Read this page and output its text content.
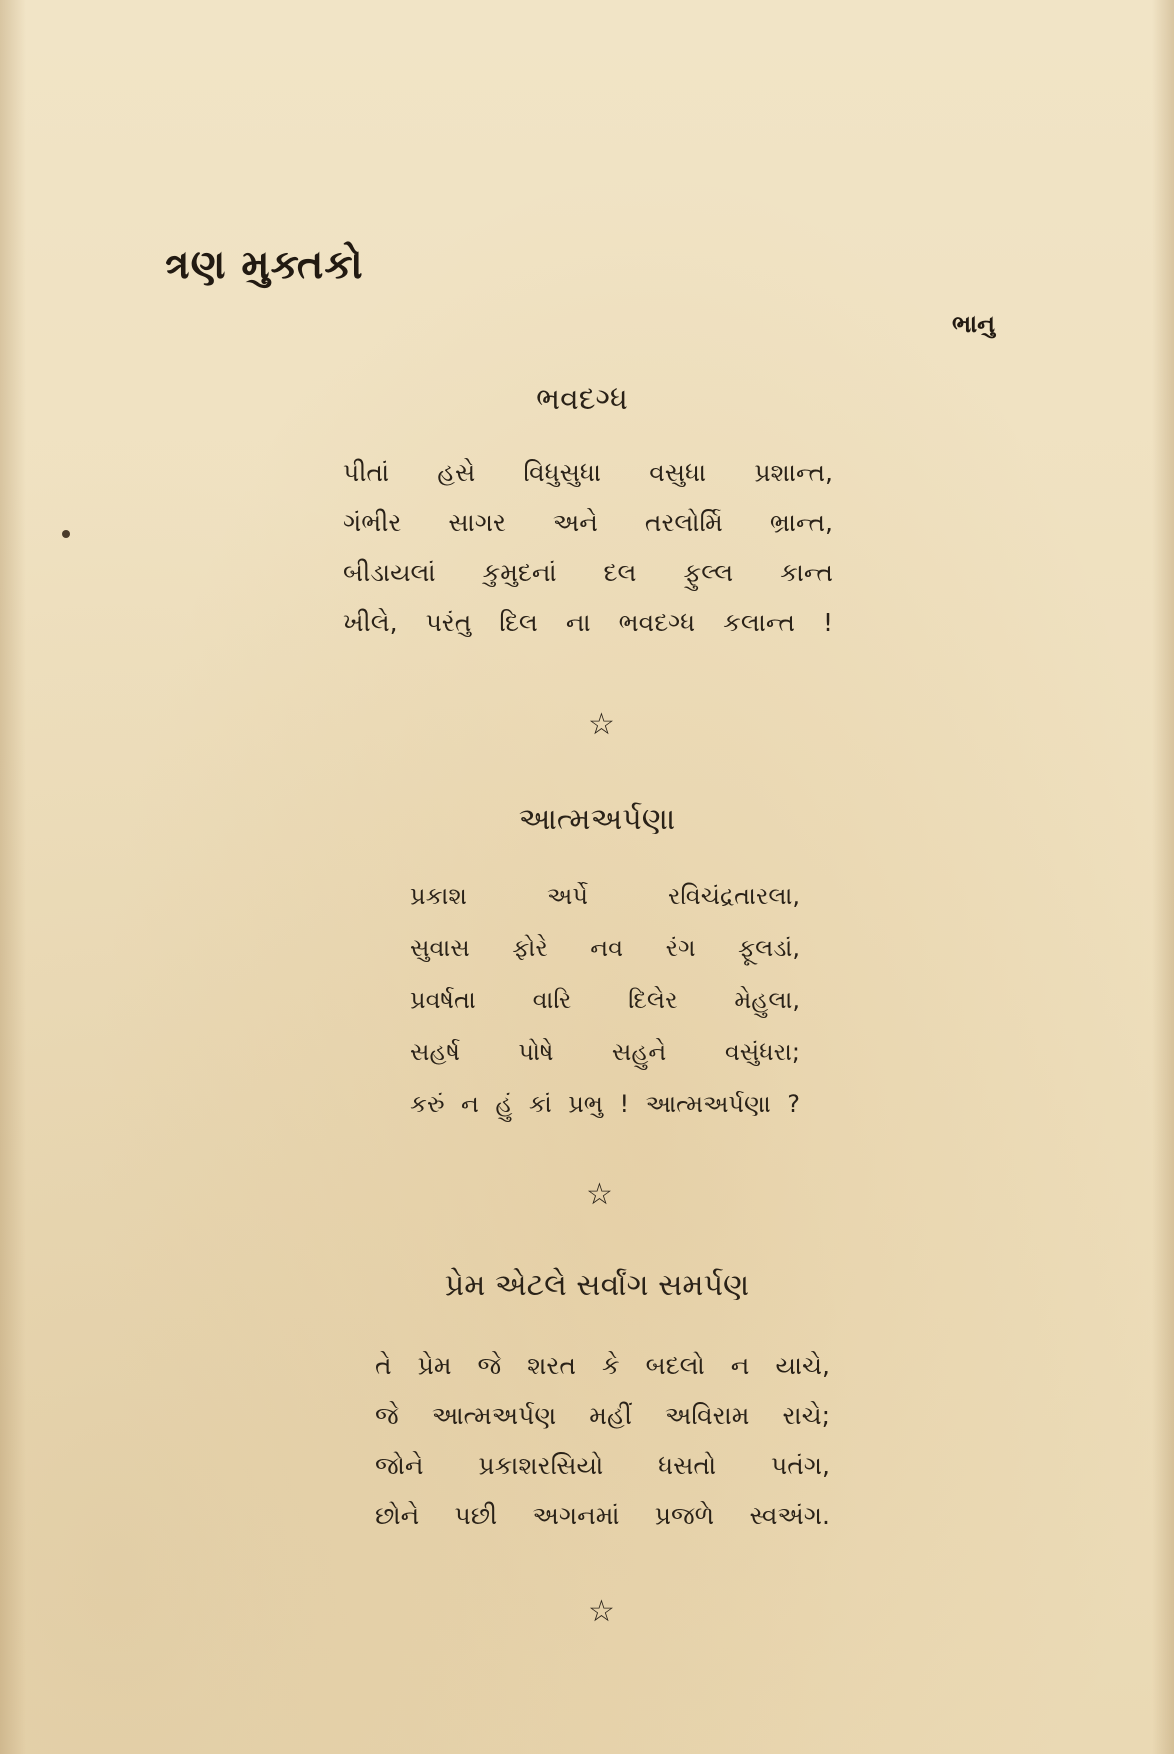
ત્રણ મુક્તકો
ભાનુ
ભવદગ્ધ
પીતાં હસે વિધુસુધા વસુધા પ્રશાન્ત,
ગંભીર સાગર અને તરલોર્મિ ભ્રાન્ત,
બીડાયલાં કુમુદનાં દલ ફુલ્લ કાન્ત
ખીલે, પરંતુ દિલ ના ભવદગ્ધ કલાન્ત !
☆
આત્મઅર્પણા
પ્રકાશ અર્પે રવિચંદ્રતારલા,
સુવાસ ફોરે નવ રંગ ફૂલડાં,
પ્રવર્ષતા વારિ દિલેર મેહુલા,
સહર્ષ પોષે સહુને વસુંધરા;
કરું ન હું કાં પ્રભુ ! આત્મઅર્પણા ?
☆
પ્રેમ એટલે સર્વાંગ સમર્પણ
તે પ્રેમ જે શરત કે બદલો ન યાચે,
જે આત્મઅર્પણ મહીં અવિરામ રાચે;
જોને પ્રકાશરસિયો ધસતો પતંગ,
છોને પછી અગનમાં પ્રજળે સ્વઅંગ.
☆
